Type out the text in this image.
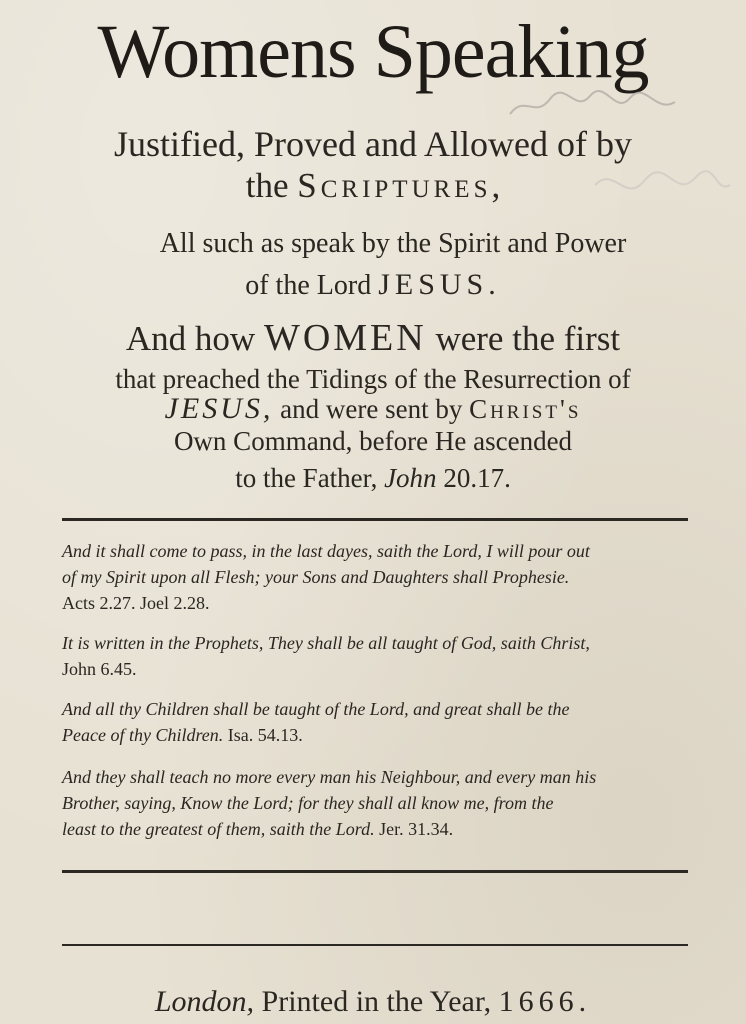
Womens Speaking
Justified, Proved and Allowed of by
the Scriptures,
All such as speak by the Spirit and Power
of the Lord JESUS.
And how WOMEN were the first
that preached the Tidings of the Resurrection of
JESUS, and were sent by Christ's
Own Command, before He ascended
to the Father, John 20.17.
And it shall come to pass, in the last dayes, saith the Lord, I will pour out
of my Spirit upon all Flesh; your Sons and Daughters shall Prophesie.
Acts 2.27. Joel 2.28.
It is written in the Prophets, They shall be all taught of God, saith Christ,
John 6.45.
And all thy Children shall be taught of the Lord, and great shall be the
Peace of thy Children. Isa. 54.13.
And they shall teach no more every man his Neighbour, and every man his
Brother, saying, Know the Lord; for they shall all know me, from the
least to the greatest of them, saith the Lord. Jer. 31.34.
London, Printed in the Year, 1666.
